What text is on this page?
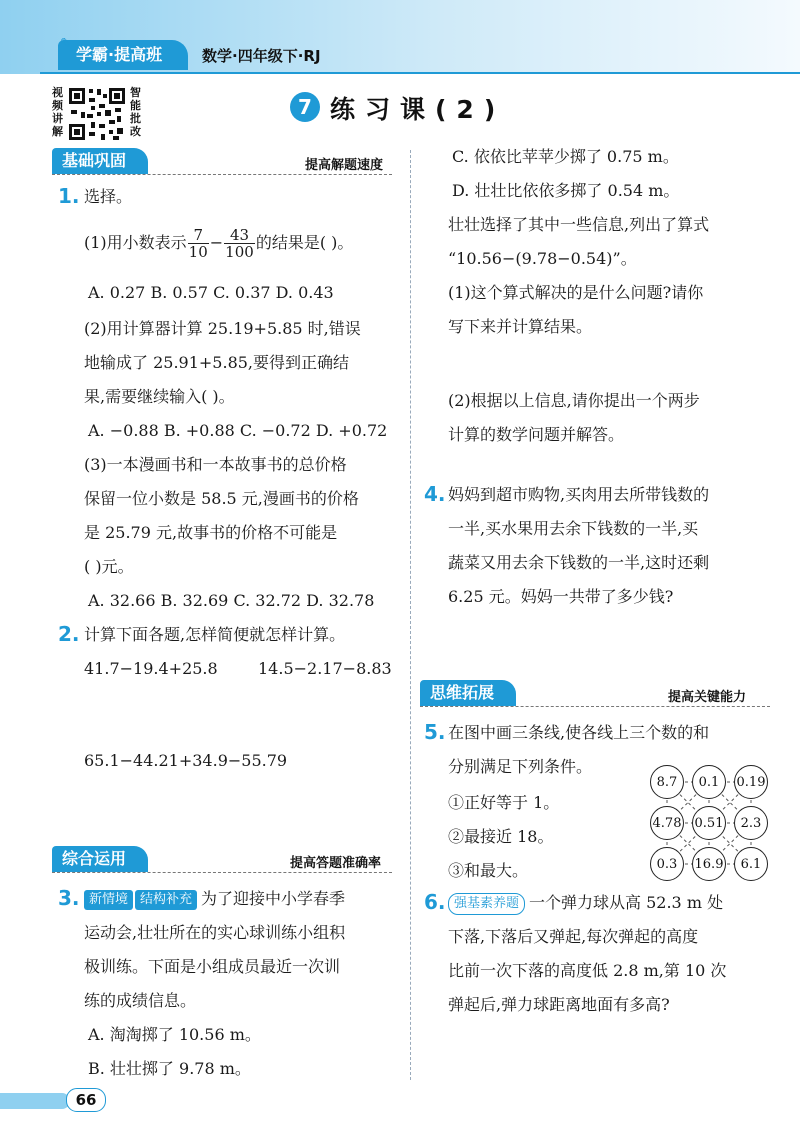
学霸·提高班
✎
数学·四年级下·RJ
视频讲解
智能批改
7 练习课(2)
基础巩固	提高解题速度
1. 选择。
(1)用小数表示 $\frac{7}{10} - \frac{43}{100}$ 的结果是( )。
A. 0.27 B. 0.57 C. 0.37 D. 0.43
(2)用计算器计算 25.19+5.85 时,错误
地输成了 25.91+5.85,要得到正确结
果,需要继续输入( )。
A. −0.88 B. +0.88 C. −0.72 D. +0.72
(3)一本漫画书和一本故事书的总价格
保留一位小数是 58.5 元,漫画书的价格
是 25.79 元,故事书的价格不可能是
( )元。
A. 32.66 B. 32.69 C. 32.72 D. 32.78
2. 计算下面各题,怎样简便就怎样计算。
41.7−19.4+25.8	14.5−2.17−8.83
65.1−44.21+34.9−55.79
综合运用	提高答题准确率
3. 新情境 结构补充 为了迎接中小学春季
运动会,壮壮所在的实心球训练小组积
极训练。下面是小组成员最近一次训
练的成绩信息。
A. 淘淘掷了 10.56 m。
B. 壮壮掷了 9.78 m。
C. 依依比苹苹少掷了 0.75 m。
D. 壮壮比依依多掷了 0.54 m。
壮壮选择了其中一些信息,列出了算式
“10.56−(9.78−0.54)”。
(1)这个算式解决的是什么问题?请你
写下来并计算结果。
(2)根据以上信息,请你提出一个两步
计算的数学问题并解答。
4. 妈妈到超市购物,买肉用去所带钱数的
一半,买水果用去余下钱数的一半,买
蔬菜又用去余下钱数的一半,这时还剩
6.25 元。妈妈一共带了多少钱?
思维拓展	提高关键能力
5. 在图中画三条线,使各线上三个数的和
分别满足下列条件。
①正好等于 1。
②最接近 18。
③和最大。
8.7	0.1	0.19
4.78 0.51	2.3
0.3	16.9	6.1
6. 强基素养题 一个弹力球从高 52.3 m 处
下落,下落后又弹起,每次弹起的高度
比前一次下落的高度低 2.8 m,第 10 次
弹起后,弹力球距离地面有多高?
66
